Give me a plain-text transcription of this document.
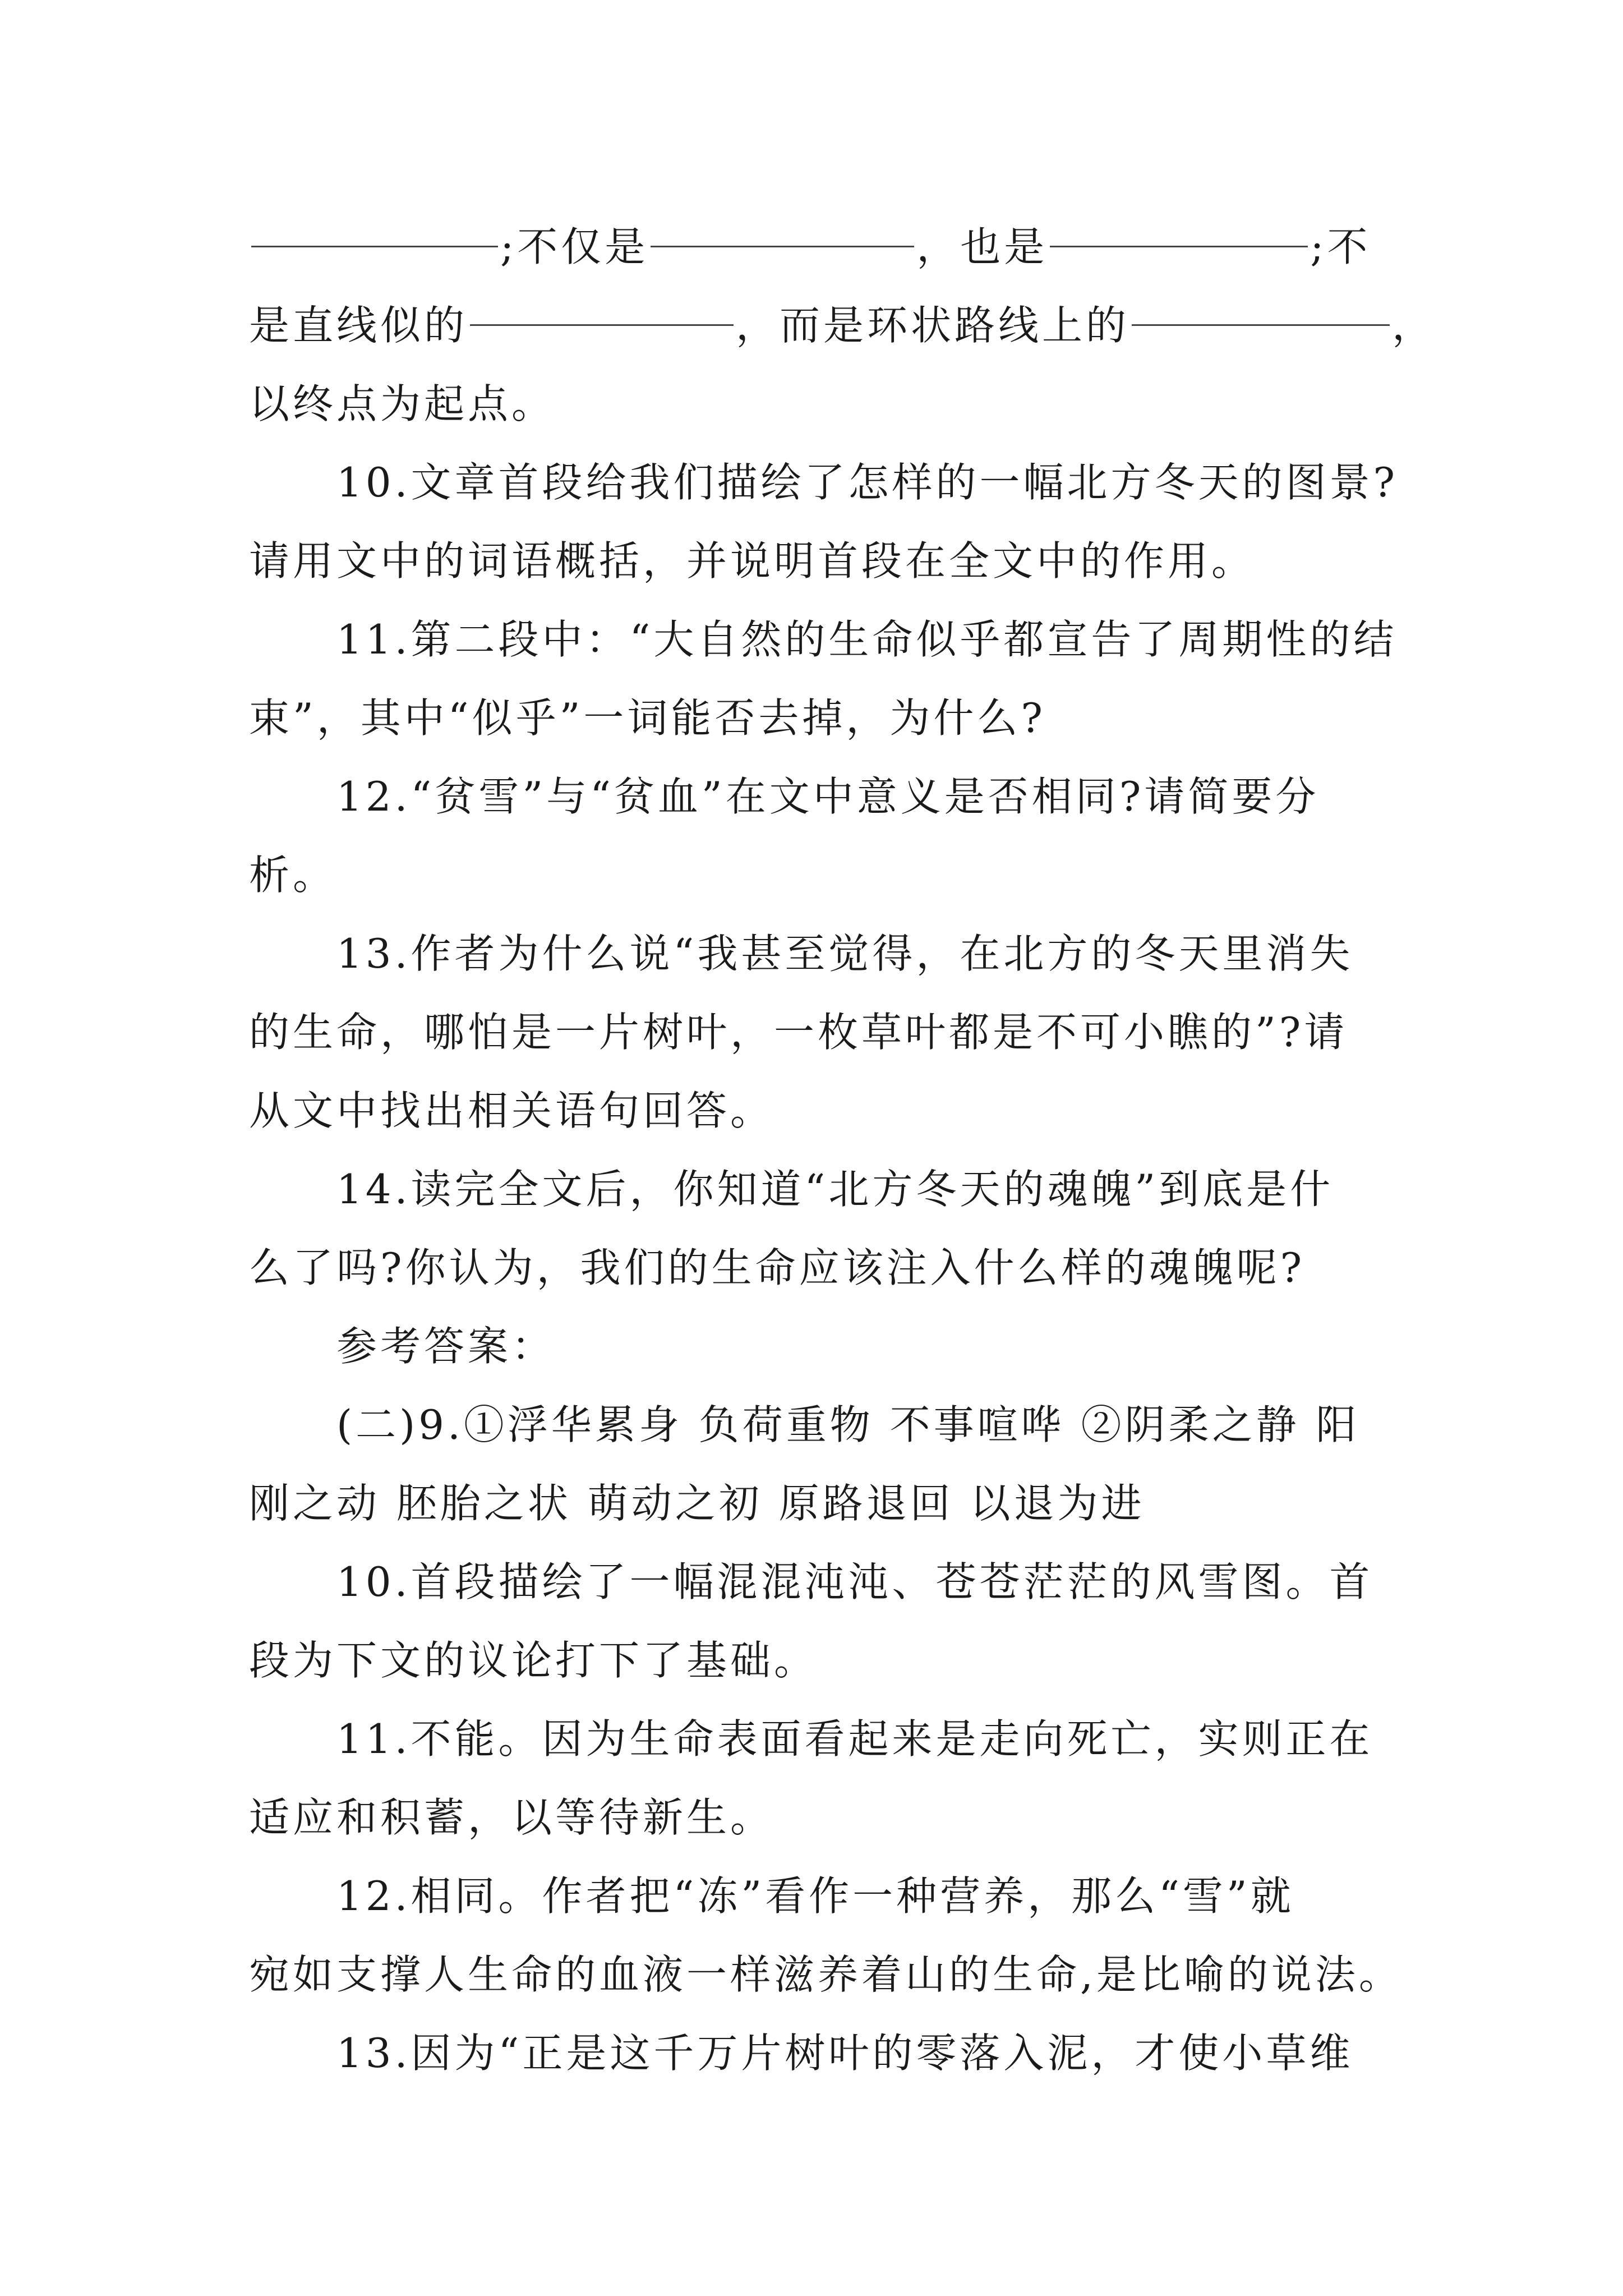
;不仅是	，也是	;不
是直线似的	，而是环状路线上的	，
以终点为起点。
10.文章首段给我们描绘了怎样的一幅北方冬天的图景?
请用文中的词语概括，并说明首段在全文中的作用。
11.第二段中：“大自然的生命似乎都宣告了周期性的结
束”，其中“似乎”一词能否去掉，为什么?
12.“贫雪”与“贫血”在文中意义是否相同?请简要分
析。
13.作者为什么说“我甚至觉得，在北方的冬天里消失
的生命，哪怕是一片树叶，一枚草叶都是不可小瞧的”?请
从文中找出相关语句回答。
14.读完全文后，你知道“北方冬天的魂魄”到底是什
么了吗?你认为，我们的生命应该注入什么样的魂魄呢?
参考答案：
(二)9.①浮华累身 负荷重物 不事喧哗 ②阴柔之静 阳
刚之动 胚胎之状 萌动之初 原路退回 以退为进
10.首段描绘了一幅混混沌沌、苍苍茫茫的风雪图。首
段为下文的议论打下了基础。
11.不能。因为生命表面看起来是走向死亡，实则正在
适应和积蓄，以等待新生。
12.相同。作者把“冻”看作一种营养，那么“雪”就
宛如支撑人生命的血液一样滋养着山的生命,是比喻的说法。
13.因为“正是这千万片树叶的零落入泥，才使小草维
